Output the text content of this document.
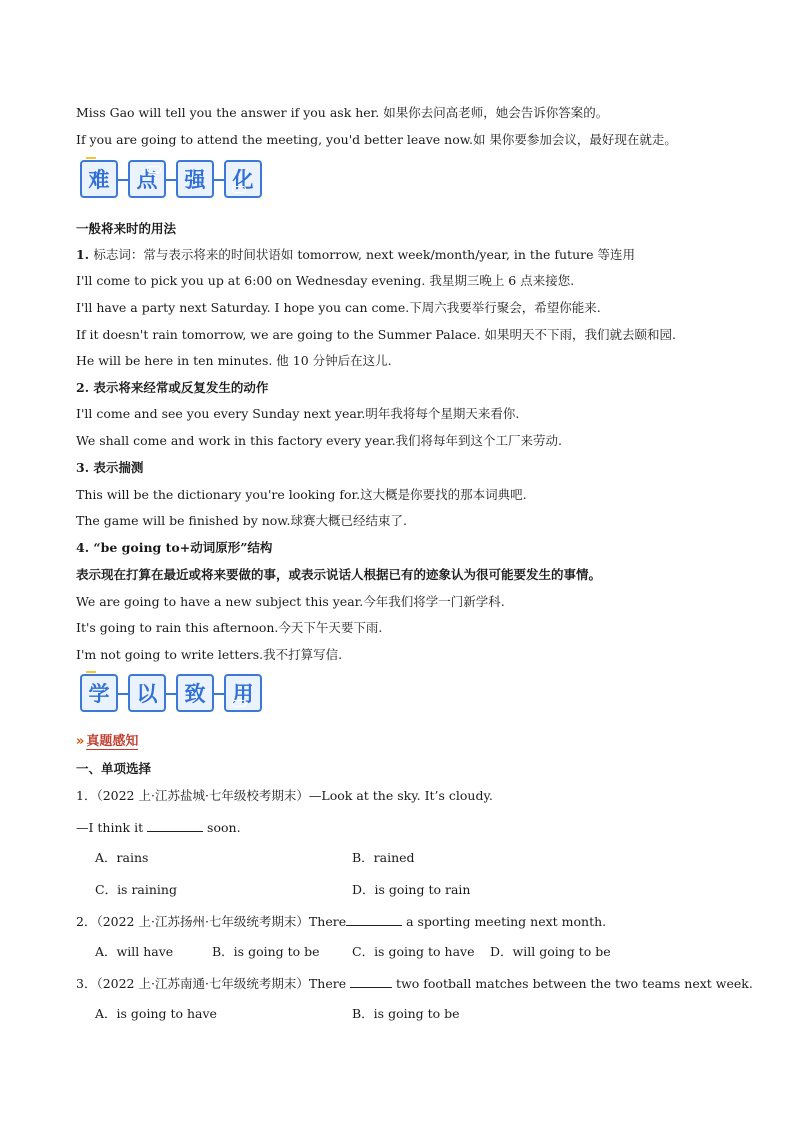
Miss Gao will tell you the answer if you ask her. 如果你去问高老师，她会告诉你答案的。
If you are going to attend the meeting, you'd better leave now.如 果你要参加会议，最好现在就走。
难 点 强 化
一般将来时的用法
1. 标志词：常与表示将来的时间状语如 tomorrow, next week/month/year, in the future 等连用
I'll come to pick you up at 6:00 on Wednesday evening. 我星期三晚上 6 点来接您.
I'll have a party next Saturday. I hope you can come.下周六我要举行聚会，希望你能来.
If it doesn't rain tomorrow, we are going to the Summer Palace. 如果明天不下雨，我们就去颐和园.
He will be here in ten minutes. 他 10 分钟后在这儿.
2. 表示将来经常或反复发生的动作
I'll come and see you every Sunday next year.明年我将每个星期天来看你.
We shall come and work in this factory every year.我们将每年到这个工厂来劳动.
3. 表示揣测
This will be the dictionary you're looking for.这大概是你要找的那本词典吧.
The game will be finished by now.球赛大概已经结束了.
4. “be going to+动词原形”结构
表示现在打算在最近或将来要做的事，或表示说话人根据已有的迹象认为很可能要发生的事情。
We are going to have a new subject this year.今年我们将学一门新学科.
It's going to rain this afternoon.今天下午天要下雨.
I'm not going to write letters.我不打算写信.
学 以 致 用
» 真题感知
一、单项选择
1．（2022 上·江苏盐城·七年级校考期末）—Look at the sky. It’s cloudy.
—I think it	soon.
A．rains	B．rained
C．is raining	D．is going to rain
2．（2022 上·江苏扬州·七年级统考期末）There	a sporting meeting next month.
A．will have	B．is going to be	C．is going to have D．will going to be
3．（2022 上·江苏南通·七年级统考期末）There	two football matches between the two teams next week.
A．is going to have	B．is going to be
